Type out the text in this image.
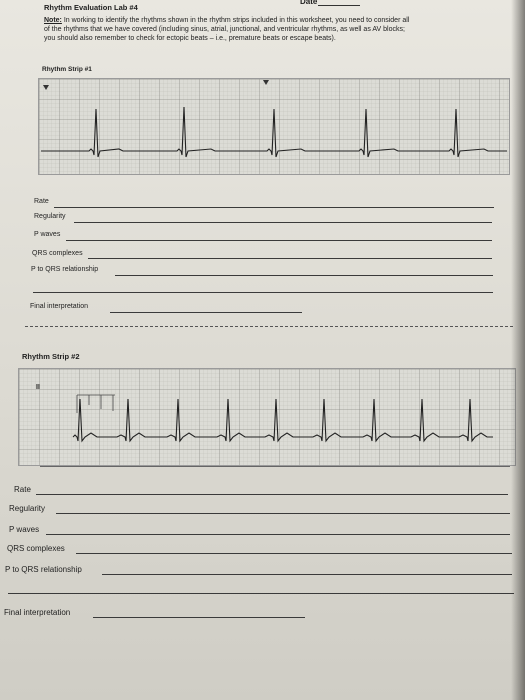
Rhythm Evaluation Lab #4
Date
Note: In working to identify the rhythms shown in the rhythm strips included in this worksheet, you need to consider all
of the rhythms that we have covered (including sinus, atrial, junctional, and ventricular rhythms, as well as AV blocks;
you should also remember to check for ectopic beats – i.e., premature beats or escape beats).
Rhythm Strip #1
Rate
Regularity
P waves
QRS complexes
P to QRS relationship
Final interpretation
Rhythm Strip #2
II
Rate
Regularity
P waves
QRS complexes
P to QRS relationship
Final interpretation
